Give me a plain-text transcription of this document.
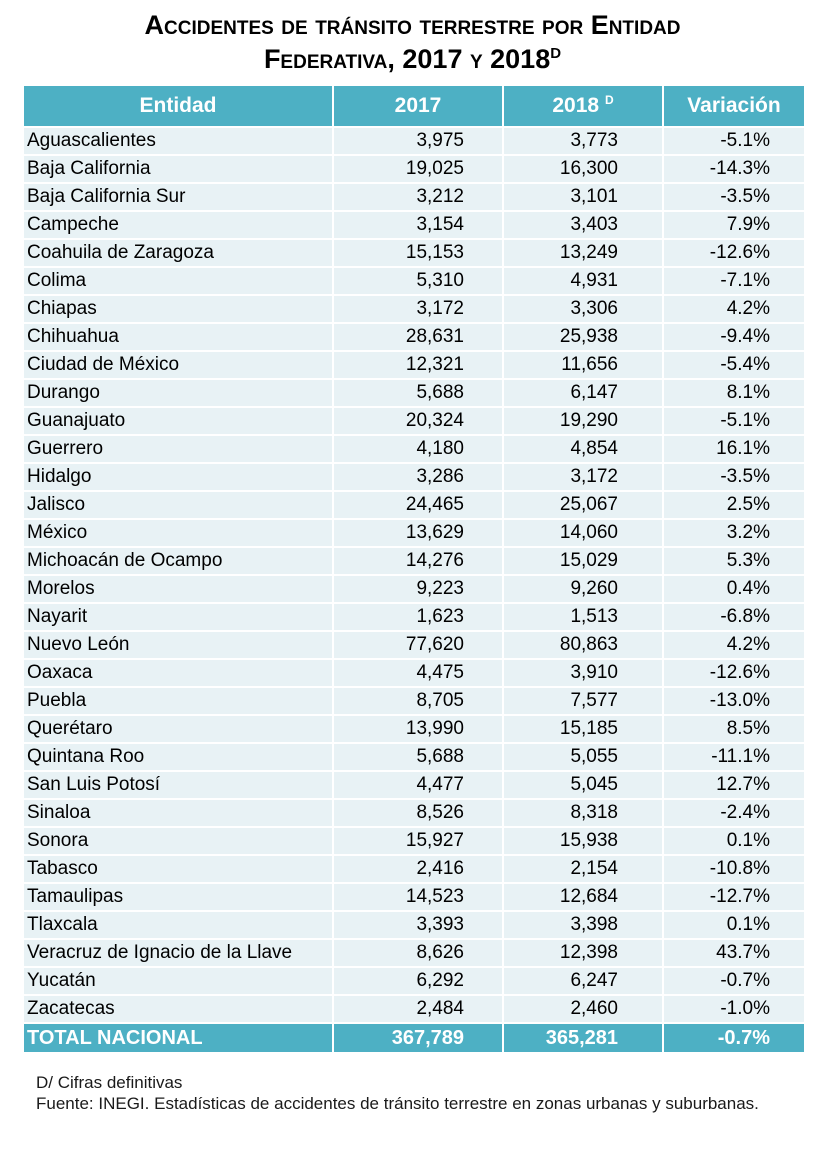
Accidentes de tránsito terrestre por Entidad
Federativa, 2017 y $2018^D$
Entidad	2017	2018 $^D$	Variación
Aguascalientes	3,975	3,773	-5.1%
Baja California	19,025	16,300	-14.3%
Baja California Sur	3,212	3,101	-3.5%
Campeche	3,154	3,403	7.9%
Coahuila de Zaragoza	15,153	13,249	-12.6%
Colima	5,310	4,931	-7.1%
Chiapas	3,172	3,306	4.2%
Chihuahua	28,631	25,938	-9.4%
Ciudad de México	12,321	11,656	-5.4%
Durango	5,688	6,147	8.1%
Guanajuato	20,324	19,290	-5.1%
Guerrero	4,180	4,854	16.1%
Hidalgo	3,286	3,172	-3.5%
Jalisco	24,465	25,067	2.5%
México	13,629	14,060	3.2%
Michoacán de Ocampo	14,276	15,029	5.3%
Morelos	9,223	9,260	0.4%
Nayarit	1,623	1,513	-6.8%
Nuevo León	77,620	80,863	4.2%
Oaxaca	4,475	3,910	-12.6%
Puebla	8,705	7,577	-13.0%
Querétaro	13,990	15,185	8.5%
Quintana Roo	5,688	5,055	-11.1%
San Luis Potosí	4,477	5,045	12.7%
Sinaloa	8,526	8,318	-2.4%
Sonora	15,927	15,938	0.1%
Tabasco	2,416	2,154	-10.8%
Tamaulipas	14,523	12,684	-12.7%
Tlaxcala	3,393	3,398	0.1%
Veracruz de Ignacio de la Llave	8,626	12,398	43.7%
Yucatán	6,292	6,247	-0.7%
Zacatecas	2,484	2,460	-1.0%
TOTAL NACIONAL	367,789	365,281	-0.7%
D/ Cifras definitivas
Fuente: INEGI. Estadísticas de accidentes de tránsito terrestre en zonas urbanas y suburbanas.
